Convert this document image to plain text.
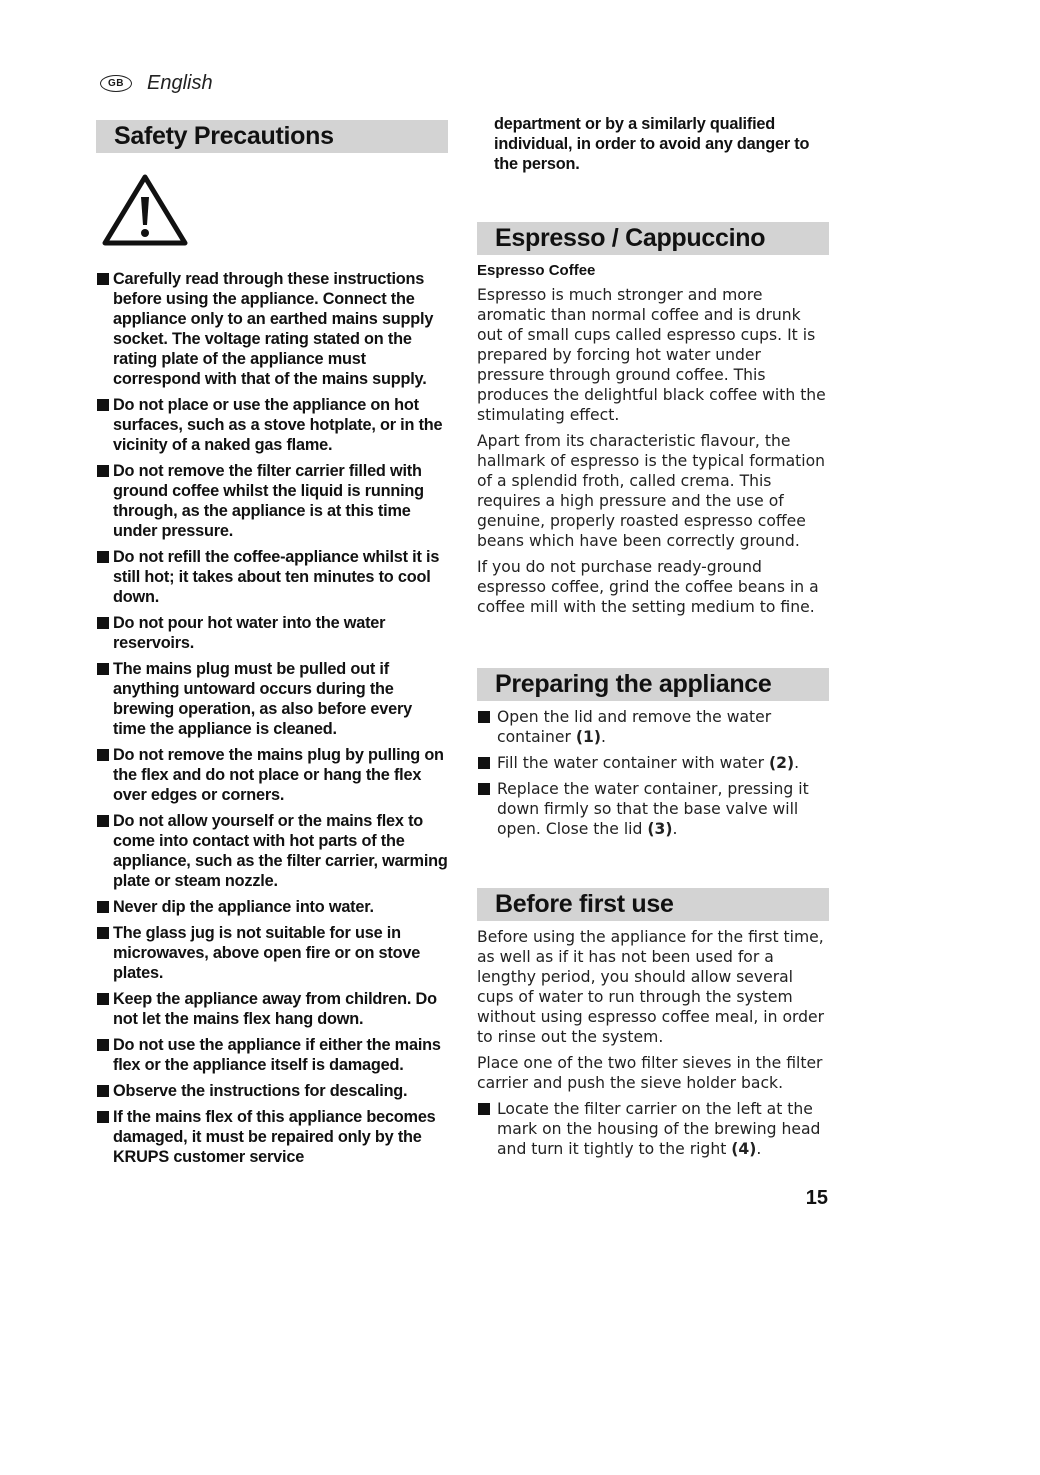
GB	English
Safety Precautions
Carefully read through these instructions before using the appliance. Connect the appliance only to an earthed mains supply socket. The voltage rating stated on the rating plate of the appliance must correspond with that of the mains supply.
Do not place or use the appliance on hot surfaces, such as a stove hotplate, or in the vicinity of a naked gas flame.
Do not remove the filter carrier filled with ground coffee whilst the liquid is running through, as the appliance is at this time under pressure.
Do not refill the coffee-appliance whilst it is still hot; it takes about ten minutes to cool down.
Do not pour hot water into the water reservoirs.
The mains plug must be pulled out if anything untoward occurs during the brewing operation, as also before every time the appliance is cleaned.
Do not remove the mains plug by pulling on the flex and do not place or hang the flex over edges or corners.
Do not allow yourself or the mains flex to come into contact with hot parts of the appliance, such as the filter carrier, warming plate or steam nozzle.
Never dip the appliance into water.
The glass jug is not suitable for use in microwaves, above open fire or on stove plates.
Keep the appliance away from children. Do not let the mains flex hang down.
Do not use the appliance if either the mains flex or the appliance itself is damaged.
Observe the instructions for descaling.
If the mains flex of this appliance becomes damaged, it must be repaired only by the KRUPS customer service
department or by a similarly qualified individual, in order to avoid any danger to the person.
Espresso / Cappuccino
Espresso Coffee

Espresso is much stronger and more aromatic than normal coffee and is drunk out of small cups called espresso cups. It is prepared by forcing hot water under pressure through ground coffee. This produces the delightful black coffee with the stimulating effect.

Apart from its characteristic flavour, the hallmark of espresso is the typical formation of a splendid froth, called crema. This requires a high pressure and the use of genuine, properly roasted espresso coffee beans which have been correctly ground.

If you do not purchase ready-ground espresso coffee, grind the coffee beans in a coffee mill with the setting medium to fine.

Preparing the appliance
Open the lid and remove the water container (1).
Fill the water container with water (2).
Replace the water container, pressing it down firmly so that the base valve will open. Close the lid (3).
Before first use

Before using the appliance for the first time, as well as if it has not been used for a lengthy period, you should allow several cups of water to run through the system without using espresso coffee meal, in order to rinse out the system.

Place one of the two filter sieves in the filter carrier and push the sieve holder back.

Locate the filter carrier on the left at the mark on the housing of the brewing head and turn it tightly to the right (4).
15
